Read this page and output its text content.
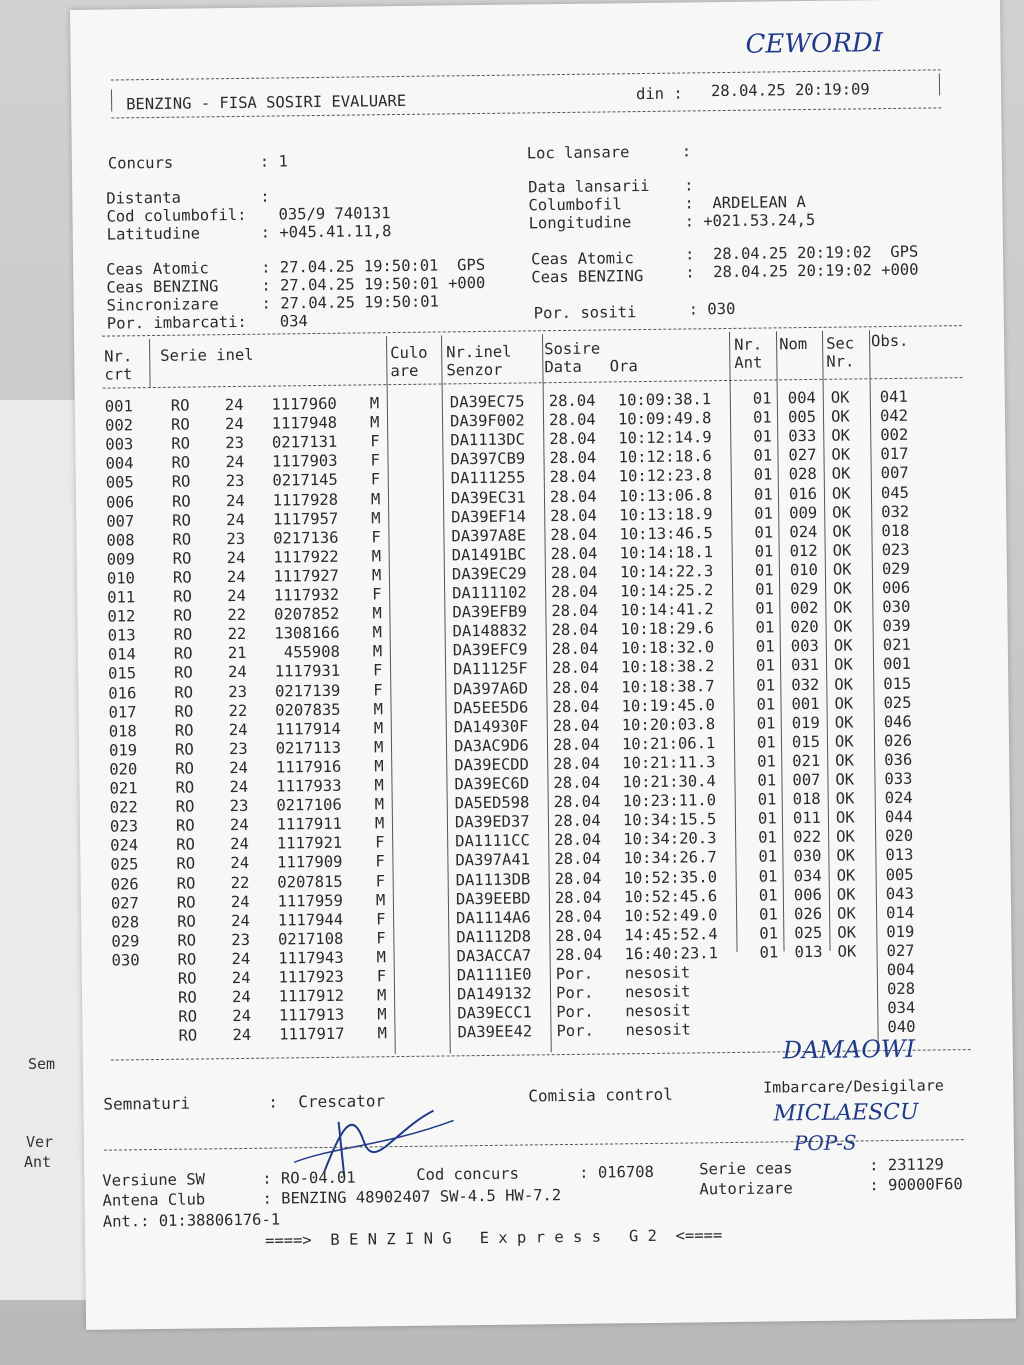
Sem
Ver
Ant
CEWORDI
BENZING - FISA SOSIRI EVALUARE	din : 28.04.25 20:19:09
Concurs	: 1	Loc lansare	:
Distanta	:
Data lansarii :
Cod columbofil: 035/9 740131	Columbofil	:  ARDELEAN A
Latitudine	: +045.41.11,8	Longitudine	: +021.53.24,5
Ceas Atomic	: 27.04.25 19:50:01  GPS
Ceas BENZING	: 27.04.25 19:50:01 +000
Sincronizare	: 27.04.25 19:50:01
Por. imbarcati: 034
Ceas Atomic	:  28.04.25 20:19:02  GPS
Ceas BENZING	:  28.04.25 20:19:02 +000
Por. sositi	: 030
Nr.
crt
Serie inel	Culo
are
Nr.inel
Senzor
Sosire
Data   Ora
Nr.
Ant
Nom Sec
Nr.
Obs.
001 RO 24	1117960 M	DA39EC75 28.04 10:09:38.1	01 004 OK 041
002 RO 24	1117948 M	DA39F002 28.04 10:09:49.8	01 005 OK 042
003 RO 23	0217131 F	DA1113DC 28.04 10:12:14.9	01 033 OK 002
004 RO 24	1117903 F	DA397CB9 28.04 10:12:18.6	01 027 OK 017
005 RO 23	0217145 F	DA111255 28.04 10:12:23.8	01 028 OK 007
006 RO 24	1117928 M	DA39EC31 28.04 10:13:06.8	01 016 OK 045
007 RO 24	1117957 M	DA39EF14 28.04 10:13:18.9	01 009 OK 032
008 RO 23	0217136 F	DA397A8E 28.04 10:13:46.5	01 024 OK 018
009 RO 24	1117922 M	DA1491BC 28.04 10:14:18.1	01 012 OK 023
010 RO 24	1117927 M	DA39EC29 28.04 10:14:22.3	01 010 OK 029
011 RO 24	1117932 F	DA111102 28.04 10:14:25.2	01 029 OK 006
012 RO 22	0207852 M	DA39EFB9 28.04 10:14:41.2	01 002 OK 030
013 RO 22	1308166 M	DA148832 28.04 10:18:29.6	01 020 OK 039
014 RO 21	455908 M	DA39EFC9 28.04 10:18:32.0	01 003 OK 021
015 RO 24	1117931 F	DA11125F 28.04 10:18:38.2	01 031 OK 001
016 RO 23	0217139 F	DA397A6D 28.04 10:18:38.7	01 032 OK 015
017 RO 22	0207835 M	DA5EE5D6 28.04 10:19:45.0	01 001 OK 025
018 RO 24	1117914 M	DA14930F 28.04 10:20:03.8	01 019 OK 046
019 RO 23	0217113 M	DA3AC9D6 28.04 10:21:06.1	01 015 OK 026
020 RO 24	1117916 M	DA39ECDD 28.04 10:21:11.3	01 021 OK 036
021 RO 24	1117933 M	DA39EC6D 28.04 10:21:30.4	01 007 OK 033
022 RO 23	0217106 M	DA5ED598 28.04 10:23:11.0	01 018 OK 024
023 RO 24	1117911 M	DA39ED37 28.04 10:34:15.5	01 011 OK 044
024 RO 24	1117921 F	DA1111CC 28.04 10:34:20.3	01 022 OK 020
025 RO 24	1117909 F	DA397A41 28.04 10:34:26.7	01 030 OK 013
026 RO 22	0207815 F	DA1113DB 28.04 10:52:35.0	01 034 OK 005
027 RO 24	1117959 M	DA39EEBD 28.04 10:52:45.6	01 006 OK 043
028 RO 24	1117944 F	DA1114A6 28.04 10:52:49.0	01 026 OK 014
029 RO 23	0217108 F	DA1112D8 28.04 14:45:52.4	01 025 OK 019
030 RO 24	1117943 M	DA3ACCA7 28.04 16:40:23.1	01 013 OK 027
RO 24	1117923 F	DA1111E0 Por. nesosit	004
RO 24	1117912 M	DA149132 Por. nesosit	028
RO 24	1117913 M	DA39ECC1 Por. nesosit	034
RO 24	1117917 M	DA39EE42 Por. nesosit	040
Semnaturi	: Crescator	Comisia control	Imbarcare/Desigilare
DAMAOWI
MICLAESCU
POP-S
Versiune SW	: RO-04.01	Cod concurs	: 016708	Serie ceas	: 231129
Antena Club	: BENZING 48902407 SW-4.5 HW-7.2	Autorizare	: 90000F60
Ant.: 01:38806176-1
====>  B E N Z I N G   E x p r e s s   G 2  <====
